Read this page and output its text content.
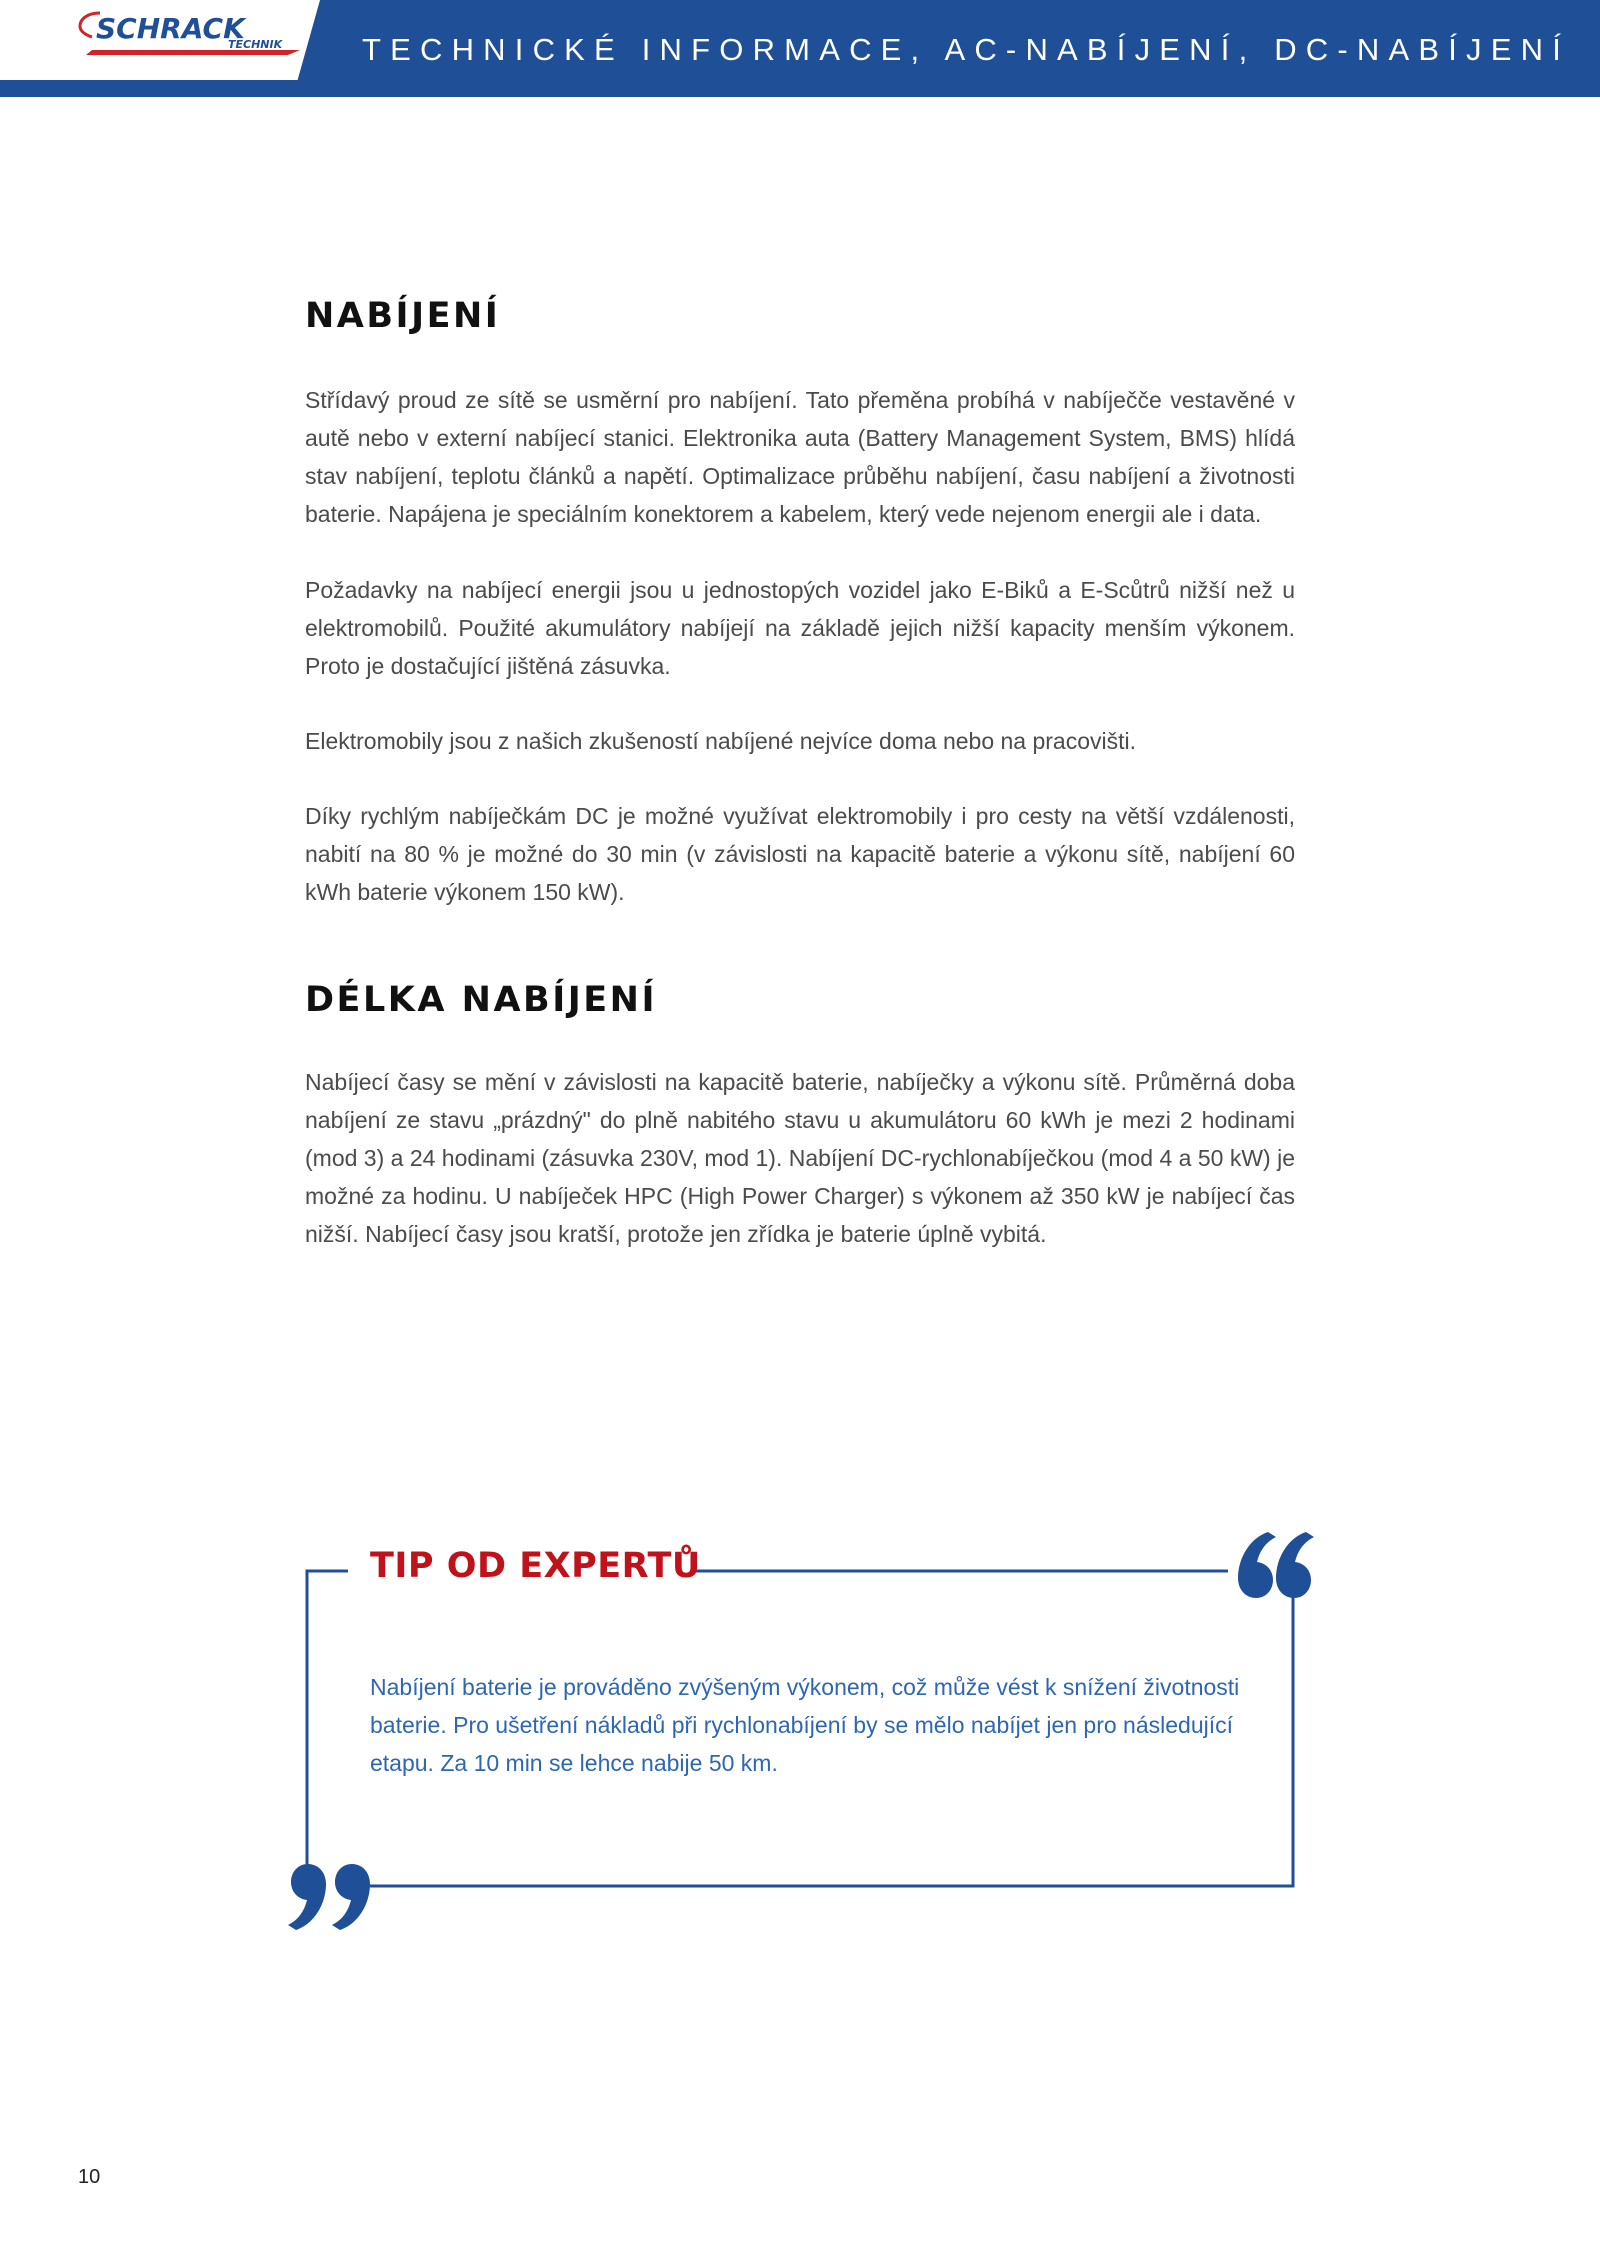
SCHRACK
TECHNIK	TECHNICKÉ INFORMACE, AC-NABÍJENÍ, DC-NABÍJENÍ
NABÍJENÍ

Střídavý proud ze sítě se usměrní pro nabíjení. Tato přeměna probíhá v nabíječče vestavěné v autě nebo v externí nabíjecí stanici. Elektronika auta (Battery Management System, BMS) hlídá stav nabíjení, teplotu článků a napětí. Optimalizace průběhu nabíjení, času nabíjení a životnosti baterie. Napájena je speciálním konektorem a kabelem, který vede nejenom energii ale i data.

Požadavky na nabíjecí energii jsou u jednostopých vozidel jako E-Biků a E-Scůtrů nižší než u elektromobilů. Použité akumulátory nabíjejí na základě jejich nižší kapacity menším výkonem. Proto je dostačující jištěná zásuvka.

Elektromobily jsou z našich zkušeností nabíjené nejvíce doma nebo na pracovišti.

Díky rychlým nabíječkám DC je možné využívat elektromobily i pro cesty na větší vzdálenosti, nabití na 80 % je možné do 30 min (v závislosti na kapacitě baterie a výkonu sítě, nabíjení 60 kWh baterie výkonem 150 kW).

DÉLKA NABÍJENÍ

Nabíjecí časy se mění v závislosti na kapacitě baterie, nabíječky a výkonu sítě. Průměrná doba nabíjení ze stavu „prázdný" do plně nabitého stavu u akumulátoru 60 kWh je mezi 2 hodinami (mod 3) a 24 hodinami (zásuvka 230V, mod 1). Nabíjení DC-rychlonabíječkou (mod 4 a 50 kW) je možné za hodinu. U nabíječek HPC (High Power Charger) s výkonem až 350 kW je nabíjecí čas nižší. Nabíjecí časy jsou kratší, protože jen zřídka je baterie úplně vybitá.

TIP OD EXPERTŮ

Nabíjení baterie je prováděno zvýšeným výkonem, což může vést k snížení životnosti baterie. Pro ušetření nákladů při rychlonabíjení by se mělo nabíjet jen pro následující etapu. Za 10 min se lehce nabije 50 km.

10
